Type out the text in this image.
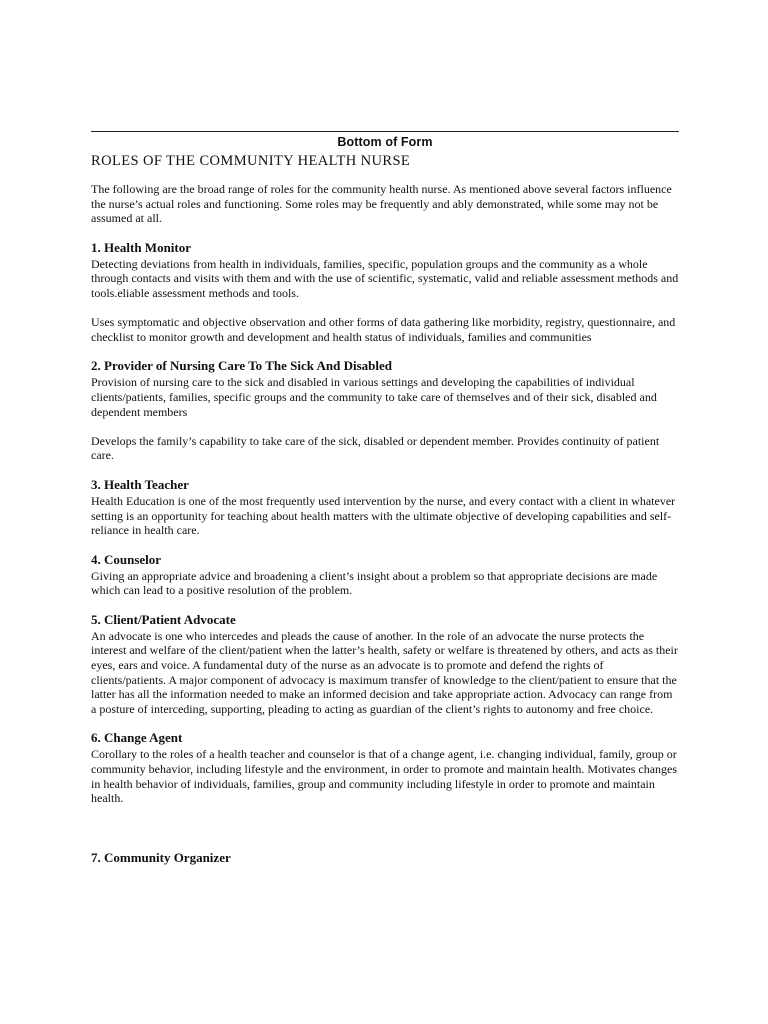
Bottom of Form
ROLES OF THE COMMUNITY HEALTH NURSE

The following are the broad range of roles for the community health nurse. As mentioned above several factors influence the nurse’s actual roles and functioning. Some roles may be frequently and ably demonstrated, while some may not be assumed at all.

1. Health Monitor

Detecting deviations from health in individuals, families, specific, population groups and the community as a whole through contacts and visits with them and with the use of scientific, systematic, valid and reliable assessment methods and tools.eliable assessment methods and tools.

Uses symptomatic and objective observation and other forms of data gathering like morbidity, registry, questionnaire, and checklist to monitor growth and development and health status of individuals, families and communities

2. Provider of Nursing Care To The Sick And Disabled

Provision of nursing care to the sick and disabled in various settings and developing the capabilities of individual clients/patients, families, specific groups and the community to take care of themselves and of their sick, disabled and dependent members

Develops the family’s capability to take care of the sick, disabled or dependent member. Provides continuity of patient care.

3. Health Teacher

Health Education is one of the most frequently used intervention by the nurse, and every contact with a client in whatever setting is an opportunity for teaching about health matters with the ultimate objective of developing capabilities and self-reliance in health care.

4. Counselor

Giving an appropriate advice and broadening a client’s insight about a problem so that appropriate decisions are made which can lead to a positive resolution of the problem.

5. Client/Patient Advocate

An advocate is one who intercedes and pleads the cause of another. In the role of an advocate the nurse protects the interest and welfare of the client/patient when the latter’s health, safety or welfare is threatened by others, and acts as their eyes, ears and voice. A fundamental duty of the nurse as an advocate is to promote and defend the rights of clients/patients. A major component of advocacy is maximum transfer of knowledge to the client/patient to ensure that the latter has all the information needed to make an informed decision and take appropriate action. Advocacy can range from a posture of interceding, supporting, pleading to acting as guardian of the client’s rights to autonomy and free choice.

6. Change Agent

Corollary to the roles of a health teacher and counselor is that of a change agent, i.e. changing individual, family, group or community behavior, including lifestyle and the environment, in order to promote and maintain health. Motivates changes in health behavior of individuals, families, group and community including lifestyle in order to promote and maintain health.

7. Community Organizer
